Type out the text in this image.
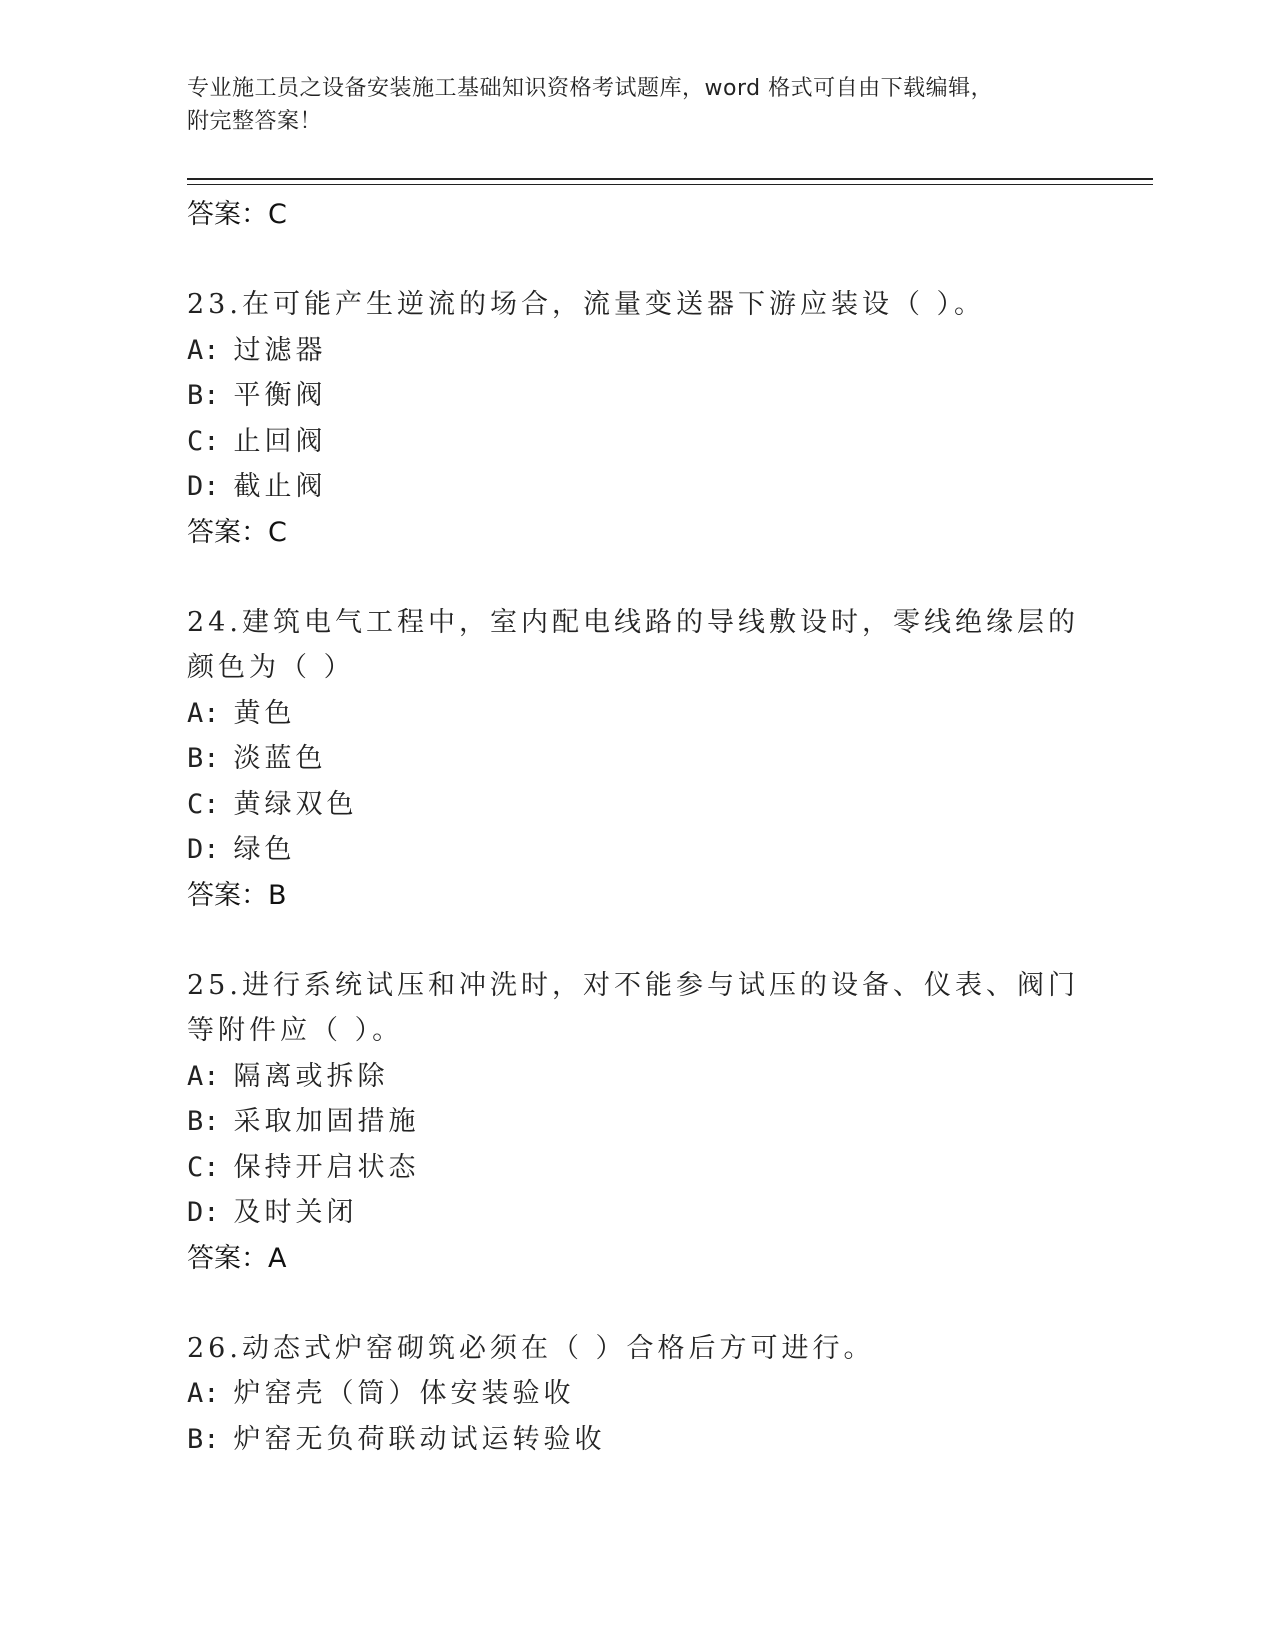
专业施工员之设备安装施工基础知识资格考试题库，word 格式可自由下载编辑，
附完整答案！

答案：C

23.在可能产生逆流的场合，流量变送器下游应装设（ ）。

A: 过滤器

B: 平衡阀

C: 止回阀

D: 截止阀

答案：C

24.建筑电气工程中，室内配电线路的导线敷设时，零线绝缘层的颜色为（ ）

A: 黄色

B: 淡蓝色

C: 黄绿双色

D: 绿色

答案：B

25.进行系统试压和冲洗时，对不能参与试压的设备、仪表、阀门等附件应（ ）。

A: 隔离或拆除

B: 采取加固措施

C: 保持开启状态

D: 及时关闭

答案：A

26.动态式炉窑砌筑必须在（ ）合格后方可进行。

A: 炉窑壳（筒）体安装验收

B: 炉窑无负荷联动试运转验收
